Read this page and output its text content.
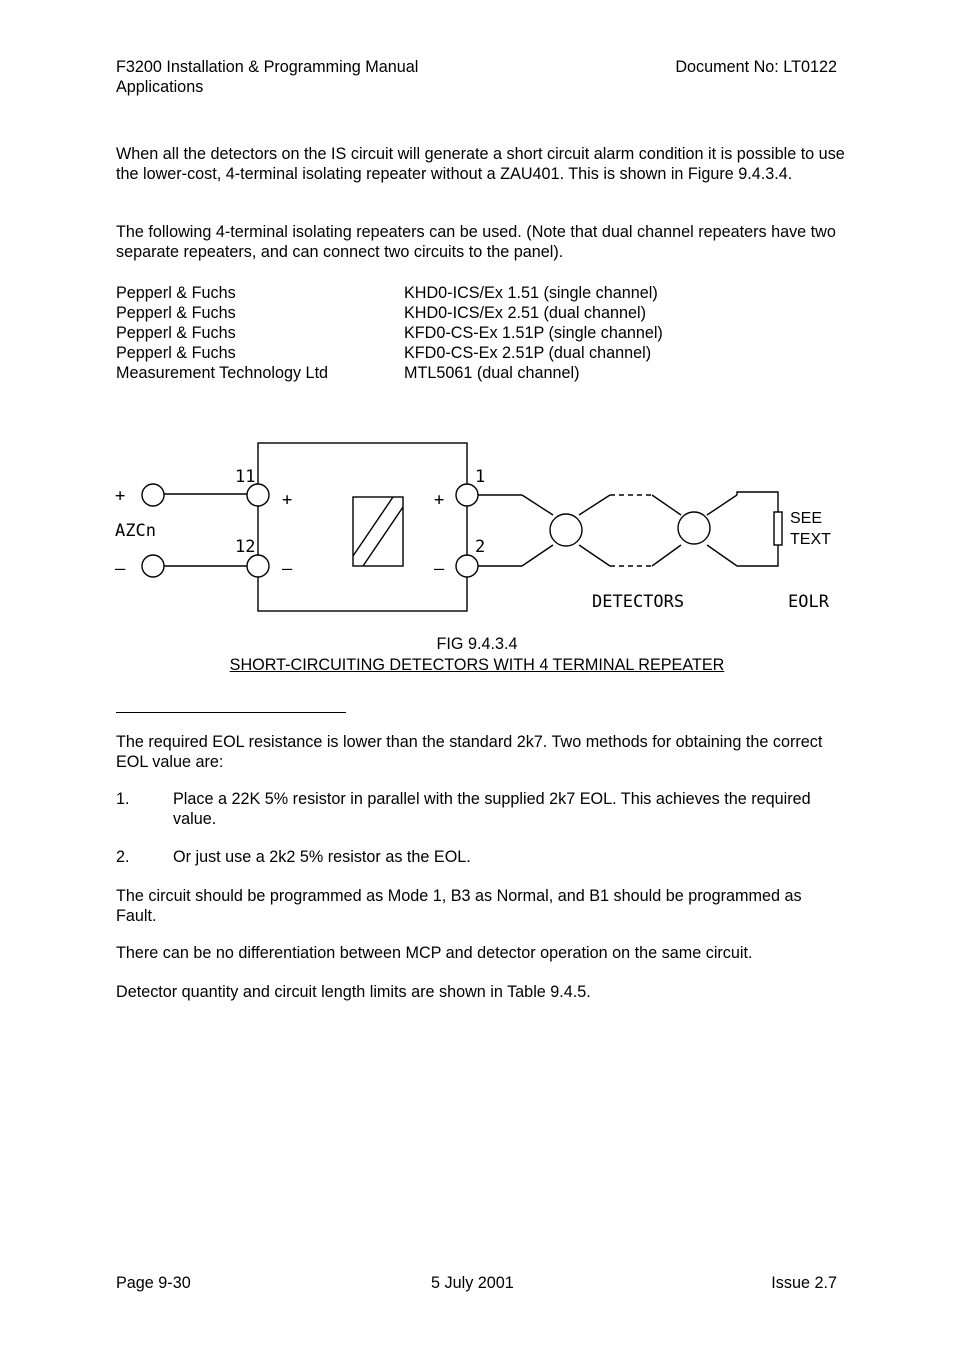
F3200 Installation & Programming Manual
Applications
Document No: LT0122
When all the detectors on the IS circuit will generate a short circuit alarm condition it is possible to use the lower-cost, 4-terminal isolating repeater without a ZAU401. This is shown in Figure 9.4.3.4.
The following 4-terminal isolating repeaters can be used. (Note that dual channel repeaters have two separate repeaters, and can connect two circuits to the panel).
Pepperl & Fuchs	KHD0-ICS/Ex 1.51 (single channel)
Pepperl & Fuchs	KHD0-ICS/Ex 2.51 (dual channel)
Pepperl & Fuchs	KFD0-CS-Ex 1.51P (single channel)
Pepperl & Fuchs	KFD0-CS-Ex 2.51P (dual channel)
Measurement Technology Ltd	MTL5061 (dual channel)
+
–
AZCn
11
12
+
–
+
–
1
2
DETECTORS	EOLR
SEE
TEXT
FIG 9.4.3.4
SHORT-CIRCUITING DETECTORS WITH 4 TERMINAL REPEATER
The required EOL resistance is lower than the standard 2k7. Two methods for obtaining the correct EOL value are:
1.	Place a 22K 5% resistor in parallel with the supplied 2k7 EOL. This achieves the required value.
2.	Or just use a 2k2 5% resistor as the EOL.
The circuit should be programmed as Mode 1, B3 as Normal, and B1 should be programmed as Fault.
There can be no differentiation between MCP and detector operation on the same circuit.
Detector quantity and circuit length limits are shown in Table 9.4.5.
Page 9-30	5 July 2001	Issue 2.7
